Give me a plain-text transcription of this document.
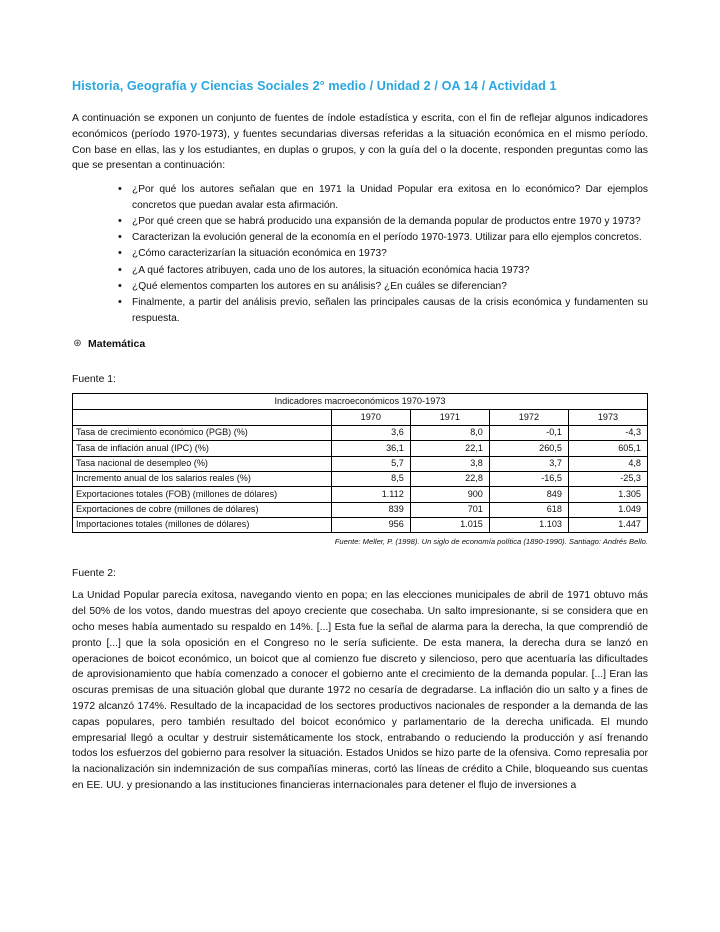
Historia, Geografía y Ciencias Sociales 2° medio / Unidad 2 / OA 14 / Actividad 1

A continuación se exponen un conjunto de fuentes de índole estadística y escrita, con el fin de reflejar algunos indicadores económicos (período 1970-1973), y fuentes secundarias diversas referidas a la situación económica en el mismo período. Con base en ellas, las y los estudiantes, en duplas o grupos, y con la guía del o la docente, responden preguntas como las que se presentan a continuación:

• ¿Por qué los autores señalan que en 1971 la Unidad Popular era exitosa en lo económico? Dar ejemplos concretos que puedan avalar esta afirmación.
• ¿Por qué creen que se habrá producido una expansión de la demanda popular de productos entre 1970 y 1973?
• Caracterizan la evolución general de la economía en el período 1970-1973. Utilizar para ello ejemplos concretos.
• ¿Cómo caracterizarían la situación económica en 1973?
• ¿A qué factores atribuyen, cada uno de los autores, la situación económica hacia 1973?
• ¿Qué elementos comparten los autores en su análisis? ¿En cuáles se diferencian?
• Finalmente, a partir del análisis previo, señalen las principales causas de la crisis económica y fundamenten su respuesta.
⊛ Matemática

Fuente 1:

Indicadores macroeconómicos 1970-1973				
	1970	1971	1972	1973
Tasa de crecimiento económico (PGB) (%)	3,6	8,0	-0,1	-4,3
Tasa de inflación anual (IPC) (%)	36,1	22,1	260,5	605,1
Tasa nacional de desempleo (%)	5,7	3,8	3,7	4,8
Incremento anual de los salarios reales (%)	8,5	22,8	-16,5	-25,3
Exportaciones totales (FOB) (millones de dólares)	1.112	900	849	1.305
Exportaciones de cobre (millones de dólares)	839	701	618	1.049
Importaciones totales (millones de dólares)	956	1.015	1.103	1.447

Fuente: Meller, P. (1998). Un siglo de economía política (1890-1990). Santiago: Andrés Bello.

Fuente 2:

La Unidad Popular parecía exitosa, navegando viento en popa; en las elecciones municipales de abril de 1971 obtuvo más del 50% de los votos, dando muestras del apoyo creciente que cosechaba. Un salto impresionante, si se considera que en ocho meses había aumentado su respaldo en 14%. [...] Esta fue la señal de alarma para la derecha, la que comprendió de pronto [...] que la sola oposición en el Congreso no le sería suficiente. De esta manera, la derecha dura se lanzó en operaciones de boicot económico, un boicot que al comienzo fue discreto y silencioso, pero que acentuaría las dificultades de aprovisionamiento que había comenzado a conocer el gobierno ante el crecimiento de la demanda popular. [...] Eran las oscuras premisas de una situación global que durante 1972 no cesaría de degradarse. La inflación dio un salto y a fines de 1972 alcanzó 174%. Resultado de la incapacidad de los sectores productivos nacionales de responder a la demanda de las capas populares, pero también resultado del boicot económico y parlamentario de la derecha unificada. El mundo empresarial llegó a ocultar y destruir sistemáticamente los stock, entrabando o reduciendo la producción y así frenando todos los esfuerzos del gobierno para resolver la situación. Estados Unidos se hizo parte de la ofensiva. Como represalia por la nacionalización sin indemnización de sus compañías mineras, cortó las líneas de crédito a Chile, bloqueando sus cuentas en EE. UU. y presionando a las instituciones financieras internacionales para detener el flujo de inversiones a
